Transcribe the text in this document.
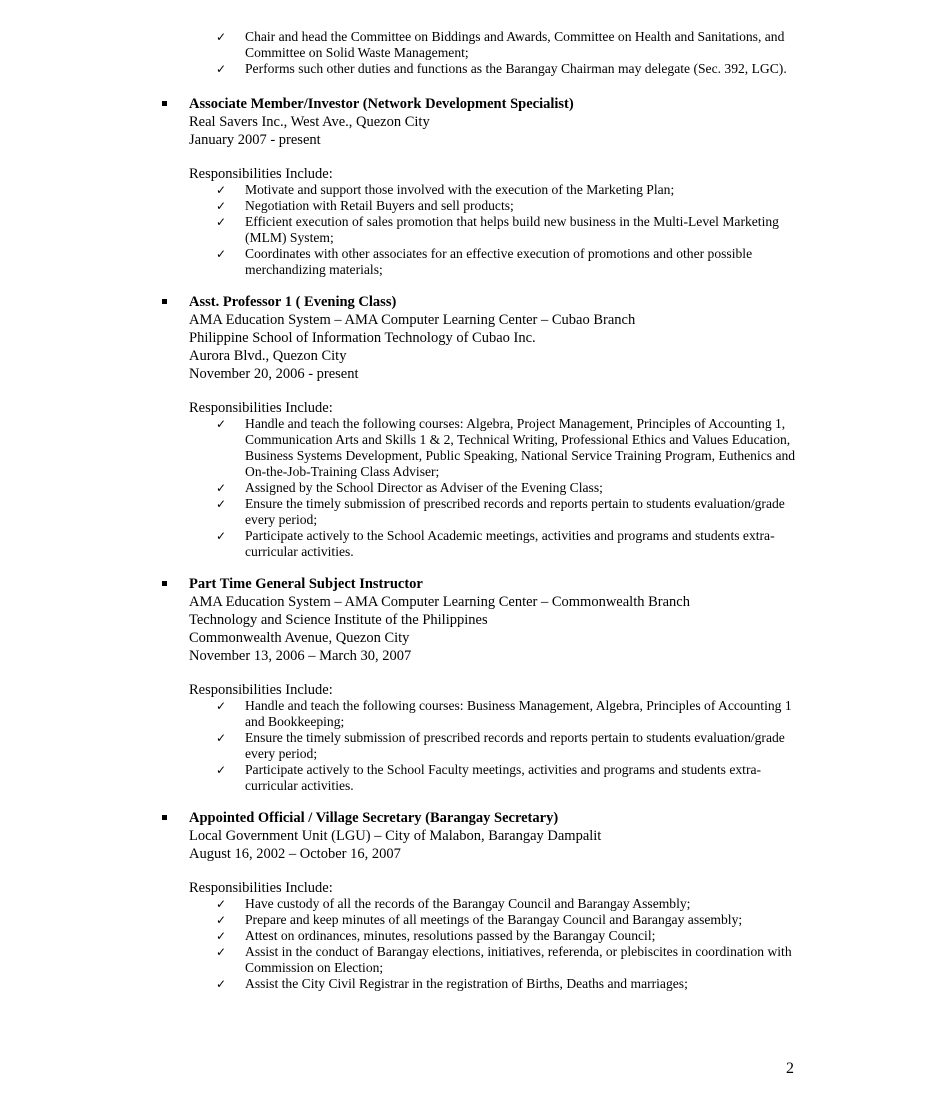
✓ Chair and head the Committee on Biddings and Awards, Committee on Health and Sanitations, and Committee on Solid Waste Management;
✓ Performs such other duties and functions as the Barangay Chairman may delegate (Sec. 392, LGC).
Associate Member/Investor (Network Development Specialist)
Real Savers Inc., West Ave., Quezon City
January 2007 - present
Responsibilities Include:
✓ Motivate and support those involved with the execution of the Marketing Plan;
✓ Negotiation with Retail Buyers and sell products;
✓ Efficient execution of sales promotion that helps build new business in the Multi-Level Marketing (MLM) System;
✓ Coordinates with other associates for an effective execution of promotions and other possible merchandizing materials;
Asst. Professor 1 ( Evening Class)
AMA Education System – AMA Computer Learning Center – Cubao Branch
Philippine School of Information Technology of Cubao Inc.
Aurora Blvd., Quezon City
November 20, 2006 - present
Responsibilities Include:
✓ Handle and teach the following courses: Algebra, Project Management, Principles of Accounting 1, Communication Arts and Skills 1 & 2, Technical Writing, Professional Ethics and Values Education, Business Systems Development, Public Speaking, National Service Training Program, Euthenics and On-the-Job-Training Class Adviser;
✓ Assigned by the School Director as Adviser of the Evening Class;
✓ Ensure the timely submission of prescribed records and reports pertain to students evaluation/grade every period;
✓ Participate actively to the School Academic meetings, activities and programs and students extra-curricular activities.
Part Time General Subject Instructor
AMA Education System – AMA Computer Learning Center – Commonwealth Branch
Technology and Science Institute of the Philippines
Commonwealth Avenue, Quezon City
November 13, 2006 – March 30, 2007
Responsibilities Include:
✓ Handle and teach the following courses: Business Management, Algebra, Principles of Accounting 1 and Bookkeeping;
✓ Ensure the timely submission of prescribed records and reports pertain to students evaluation/grade every period;
✓ Participate actively to the School Faculty meetings, activities and programs and students extra-curricular activities.
Appointed Official / Village Secretary (Barangay Secretary)
Local Government Unit (LGU) – City of Malabon, Barangay Dampalit
August 16, 2002 – October 16, 2007
Responsibilities Include:
✓ Have custody of all the records of the Barangay Council and Barangay Assembly;
✓ Prepare and keep minutes of all meetings of the Barangay Council and Barangay assembly;
✓ Attest on ordinances, minutes, resolutions passed by the Barangay Council;
✓ Assist in the conduct of Barangay elections, initiatives, referenda, or plebiscites in coordination with Commission on Election;
✓ Assist the City Civil Registrar in the registration of Births, Deaths and marriages;
2
